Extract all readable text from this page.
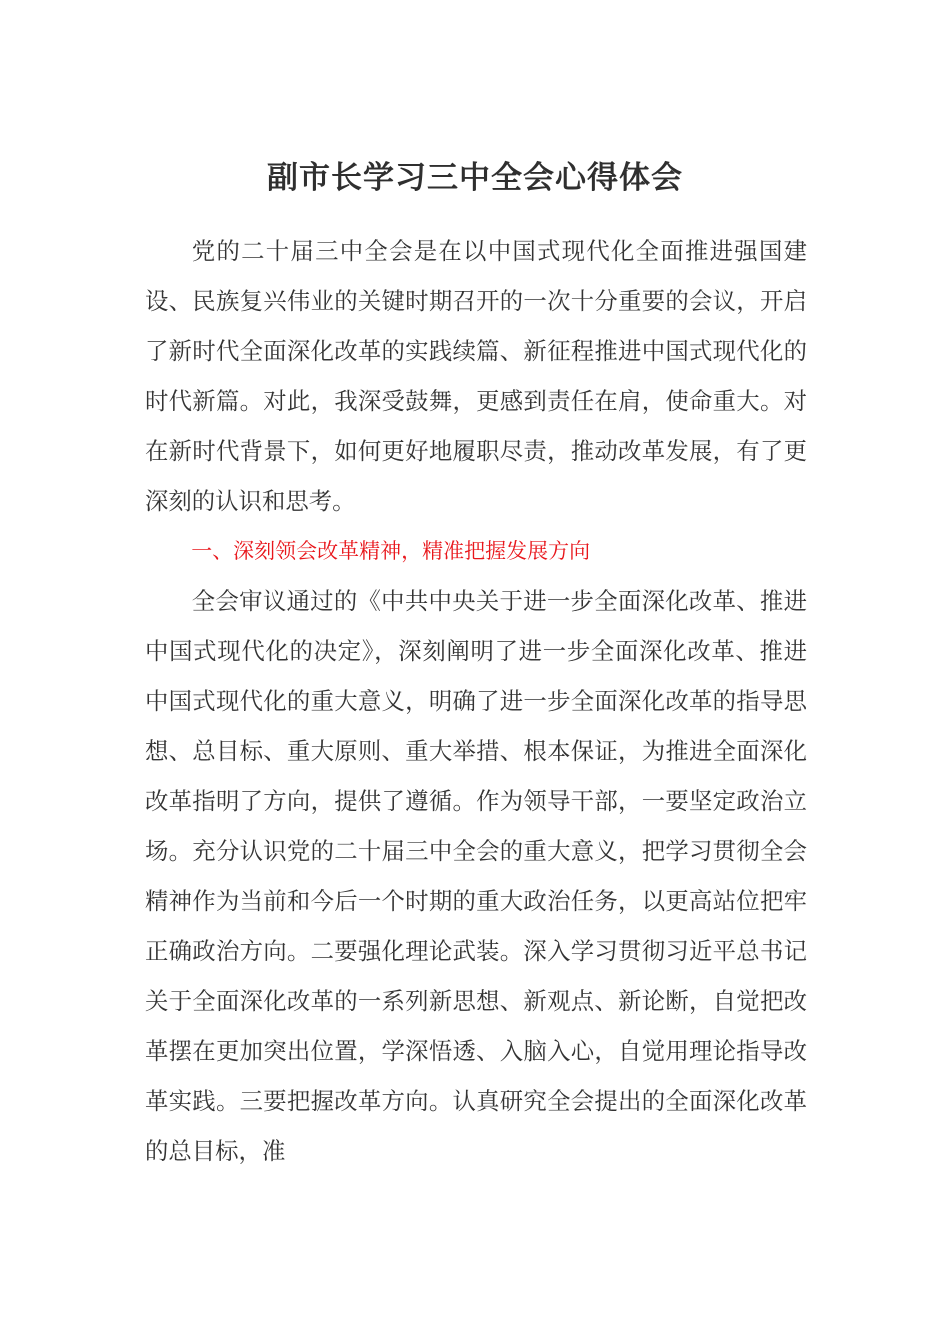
副市长学习三中全会心得体会

党的二十届三中全会是在以中国式现代化全面推进强国建设、民族复兴伟业的关键时期召开的一次十分重要的会议，开启了新时代全面深化改革的实践续篇、新征程推进中国式现代化的时代新篇。对此，我深受鼓舞，更感到责任在肩，使命重大。对在新时代背景下，如何更好地履职尽责，推动改革发展，有了更深刻的认识和思考。

一、深刻领会改革精神，精准把握发展方向

全会审议通过的《中共中央关于进一步全面深化改革、推进中国式现代化的决定》，深刻阐明了进一步全面深化改革、推进中国式现代化的重大意义，明确了进一步全面深化改革的指导思想、总目标、重大原则、重大举措、根本保证，为推进全面深化改革指明了方向，提供了遵循。作为领导干部，一要坚定政治立场。充分认识党的二十届三中全会的重大意义，把学习贯彻全会精神作为当前和今后一个时期的重大政治任务，以更高站位把牢正确政治方向。二要强化理论武装。深入学习贯彻习近平总书记关于全面深化改革的一系列新思想、新观点、新论断，自觉把改革摆在更加突出位置，学深悟透、入脑入心，自觉用理论指导改革实践。三要把握改革方向。认真研究全会提出的全面深化改革的总目标，准
